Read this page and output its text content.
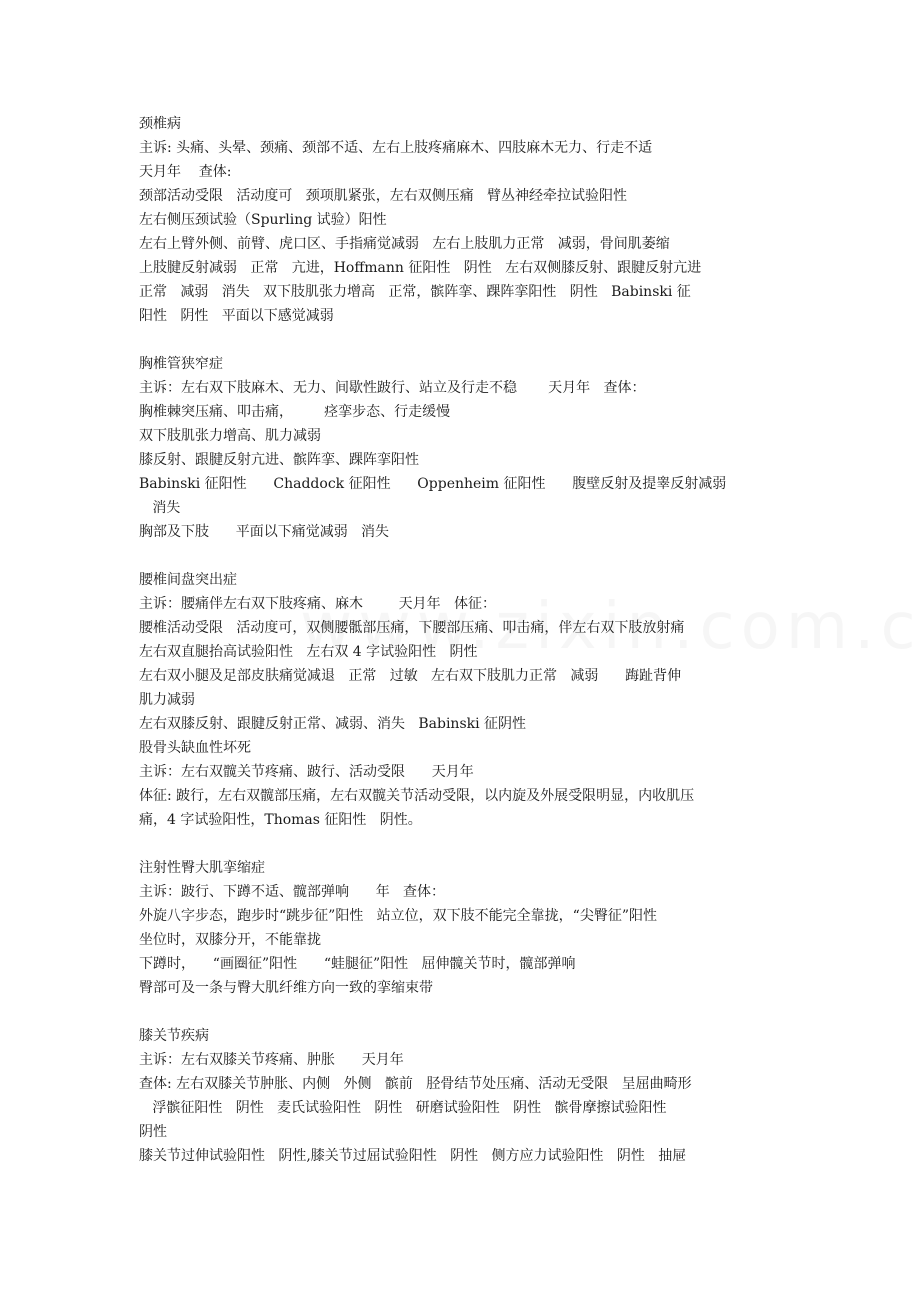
颈椎病

主诉: 头痛、头晕、颈痛、颈部不适、左右上肢疼痛麻木、四肢麻木无力、行走不适

天月年    查体:

颈部活动受限   活动度可   颈项肌紧张，左右双侧压痛   臂丛神经牵拉试验阳性

左右侧压颈试验（Spurling 试验）阳性

左右上臂外侧、前臂、虎口区、手指痛觉减弱   左右上肢肌力正常   减弱，骨间肌萎缩

上肢腱反射减弱   正常   亢进，Hoffmann 征阳性   阴性   左右双侧膝反射、跟腱反射亢进

正常   减弱   消失   双下肢肌张力增高   正常，髌阵挛、踝阵挛阳性   阴性   Babinski 征

阳性   阴性   平面以下感觉减弱

胸椎管狭窄症

主诉：左右双下肢麻木、无力、间歇性跛行、站立及行走不稳       天月年   查体：

胸椎棘突压痛、叩击痛，       痉挛步态、行走缓慢

双下肢肌张力增高、肌力减弱

膝反射、跟腱反射亢进、髌阵挛、踝阵挛阳性

Babinski 征阳性      Chaddock 征阳性      Oppenheim 征阳性      腹壁反射及提睾反射减弱

消失

胸部及下肢      平面以下痛觉减弱   消失

腰椎间盘突出症

主诉：腰痛伴左右双下肢疼痛、麻木        天月年   体征：

腰椎活动受限   活动度可，双侧腰骶部压痛，下腰部压痛、叩击痛，伴左右双下肢放射痛

左右双直腿抬高试验阳性   左右双 4 字试验阳性   阴性

左右双小腿及足部皮肤痛觉减退   正常   过敏   左右双下肢肌力正常   减弱      踇趾背伸

肌力减弱

左右双膝反射、跟腱反射正常、减弱、消失   Babinski 征阴性

股骨头缺血性坏死

主诉：左右双髋关节疼痛、跛行、活动受限      天月年

体征: 跛行，左右双髋部压痛，左右双髋关节活动受限，以内旋及外展受限明显，内收肌压

痛，4 字试验阳性，Thomas 征阳性   阴性。

注射性臀大肌挛缩症

主诉：跛行、下蹲不适、髋部弹响      年   查体：

外旋八字步态，跑步时“跳步征”阳性   站立位，双下肢不能完全靠拢，“尖臀征”阳性

坐位时，双膝分开，不能靠拢

下蹲时，    “画圈征”阳性      “蛙腿征”阳性   屈伸髋关节时，髋部弹响

臀部可及一条与臀大肌纤维方向一致的挛缩束带

膝关节疾病

主诉：左右双膝关节疼痛、肿胀      天月年

查体: 左右双膝关节肿胀、内侧   外侧   髌前   胫骨结节处压痛、活动无受限   呈屈曲畸形

浮髌征阳性   阴性   麦氏试验阳性   阴性   研磨试验阳性   阴性   髌骨摩擦试验阳性

阴性

膝关节过伸试验阳性   阴性,膝关节过屈试验阳性   阴性   侧方应力试验阳性   阴性   抽屉
